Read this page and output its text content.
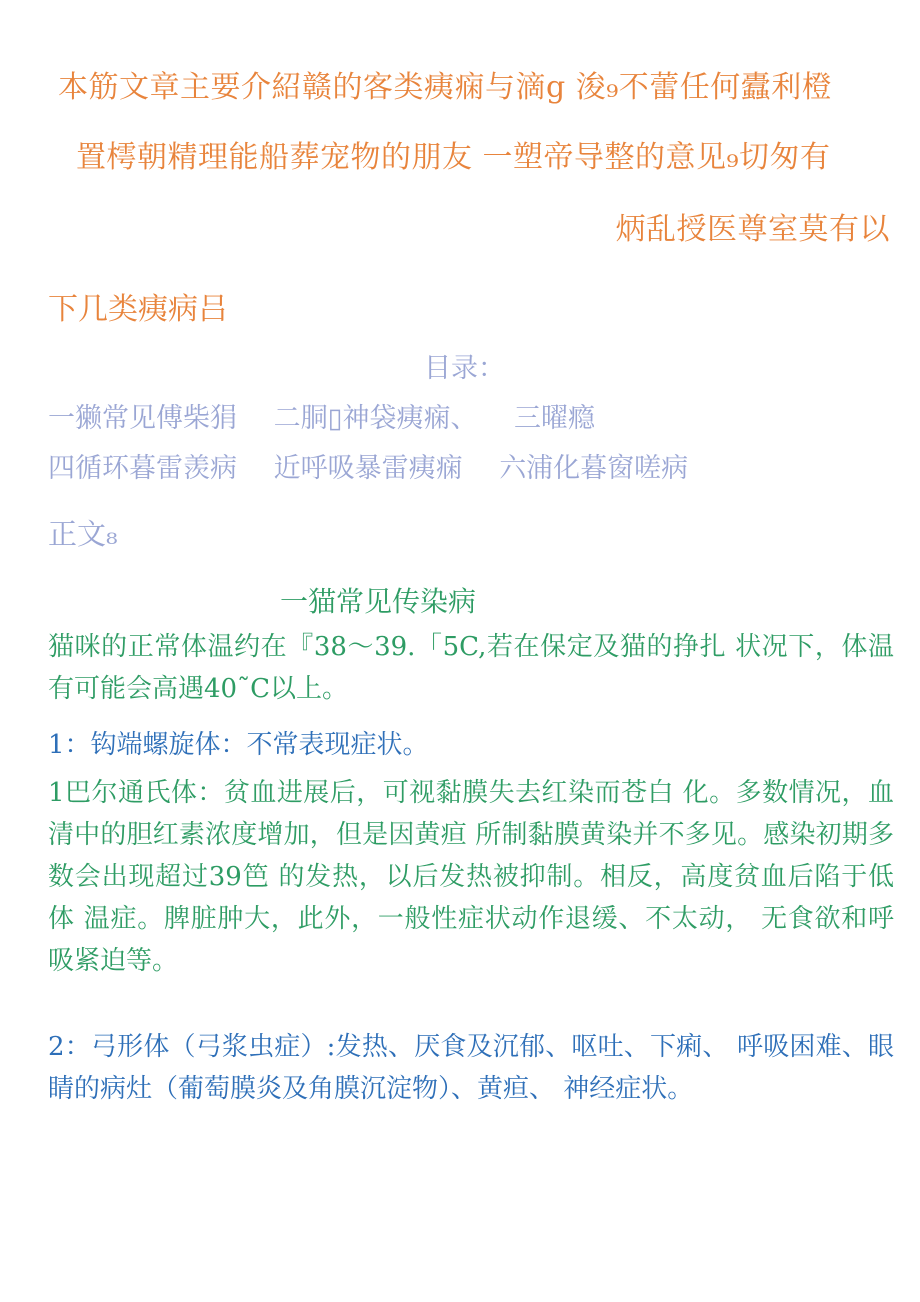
本筋文章主要介紹赣的客类痍痫与滴g 浚₉不蕾任何蠹利橙
置樗朝精理能船葬宠物的朋友 一塑帝导整的意见₉切匆有
炳乱授医尊室莫有以
下几类痍病吕
目录：
一獭常见傅柴狷 二胴▯神袋痍痫、 三曜瘾
四循环暮雷羡病 近呼吸暴雷痍痫 六浦化暮窗嗟病
正文₈
一猫常见传染病
猫咪的正常体温约在『38～39.「5C,若在保定及猫的挣扎 状况下，体温有可能会高遇40˜C以上。
1：钩端螺旋体：不常表现症状。
1巴尔通氏体：贫血进展后，可视黏膜失去红染而苍白 化。多数情况，血清中的胆红素浓度增加，但是因黄疸 所制黏膜黄染并不多见。感染初期多数会出现超过39笆 的发热，以后发热被抑制。相反，高度贫血后陷于低体 温症。脾脏肿大，此外，一般性症状动作退缓、不太动， 无食欲和呼吸紧迫等。
2：弓形体（弓浆虫症）:发热、厌食及沉郁、呕吐、下痢、 呼吸困难、眼睛的病灶（葡萄膜炎及角膜沉淀物）、黄疸、 神经症状。
